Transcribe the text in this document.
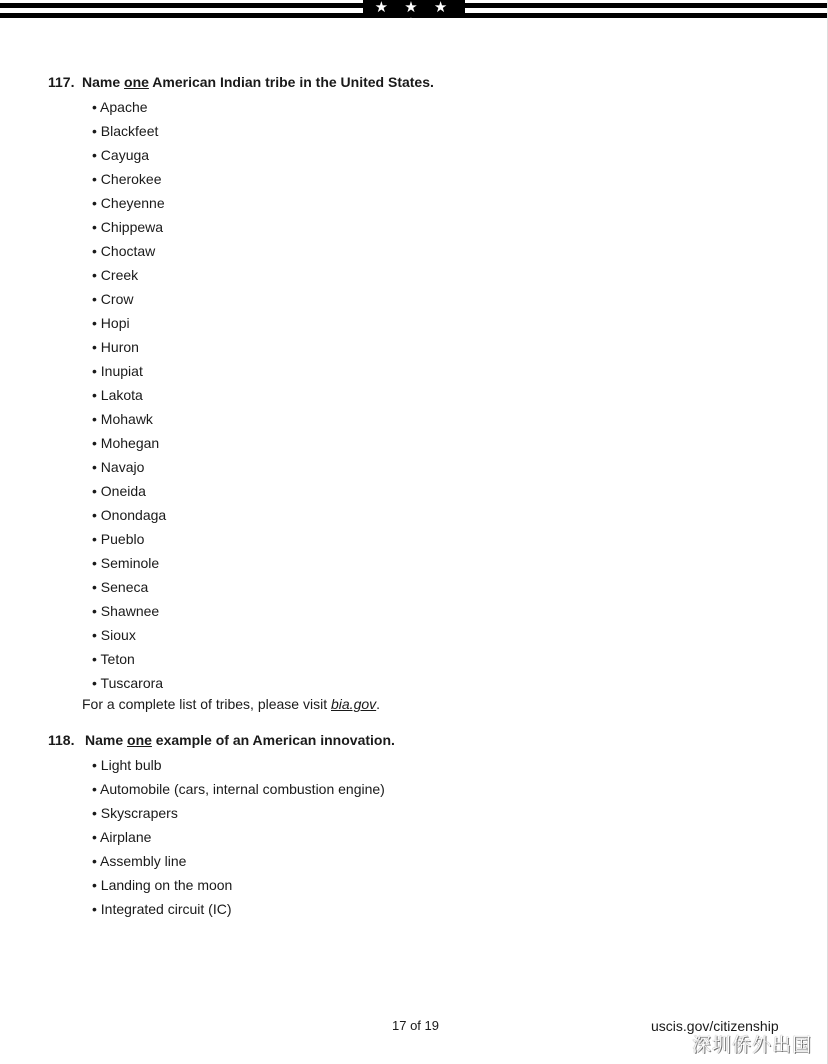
★ ★ ★ ★
117. Name one American Indian tribe in the United States.
• Apache
• Blackfeet
• Cayuga
• Cherokee
• Cheyenne
• Chippewa
• Choctaw
• Creek
• Crow
• Hopi
• Huron
• Inupiat
• Lakota
• Mohawk
• Mohegan
• Navajo
• Oneida
• Onondaga
• Pueblo
• Seminole
• Seneca
• Shawnee
• Sioux
• Teton
• Tuscarora
For a complete list of tribes, please visit bia.gov.
118. Name one example of an American innovation.
• Light bulb
• Automobile (cars, internal combustion engine)
• Skyscrapers
• Airplane
• Assembly line
• Landing on the moon
• Integrated circuit (IC)
17 of 19	uscis.gov/citizenship
深圳侨外出国
